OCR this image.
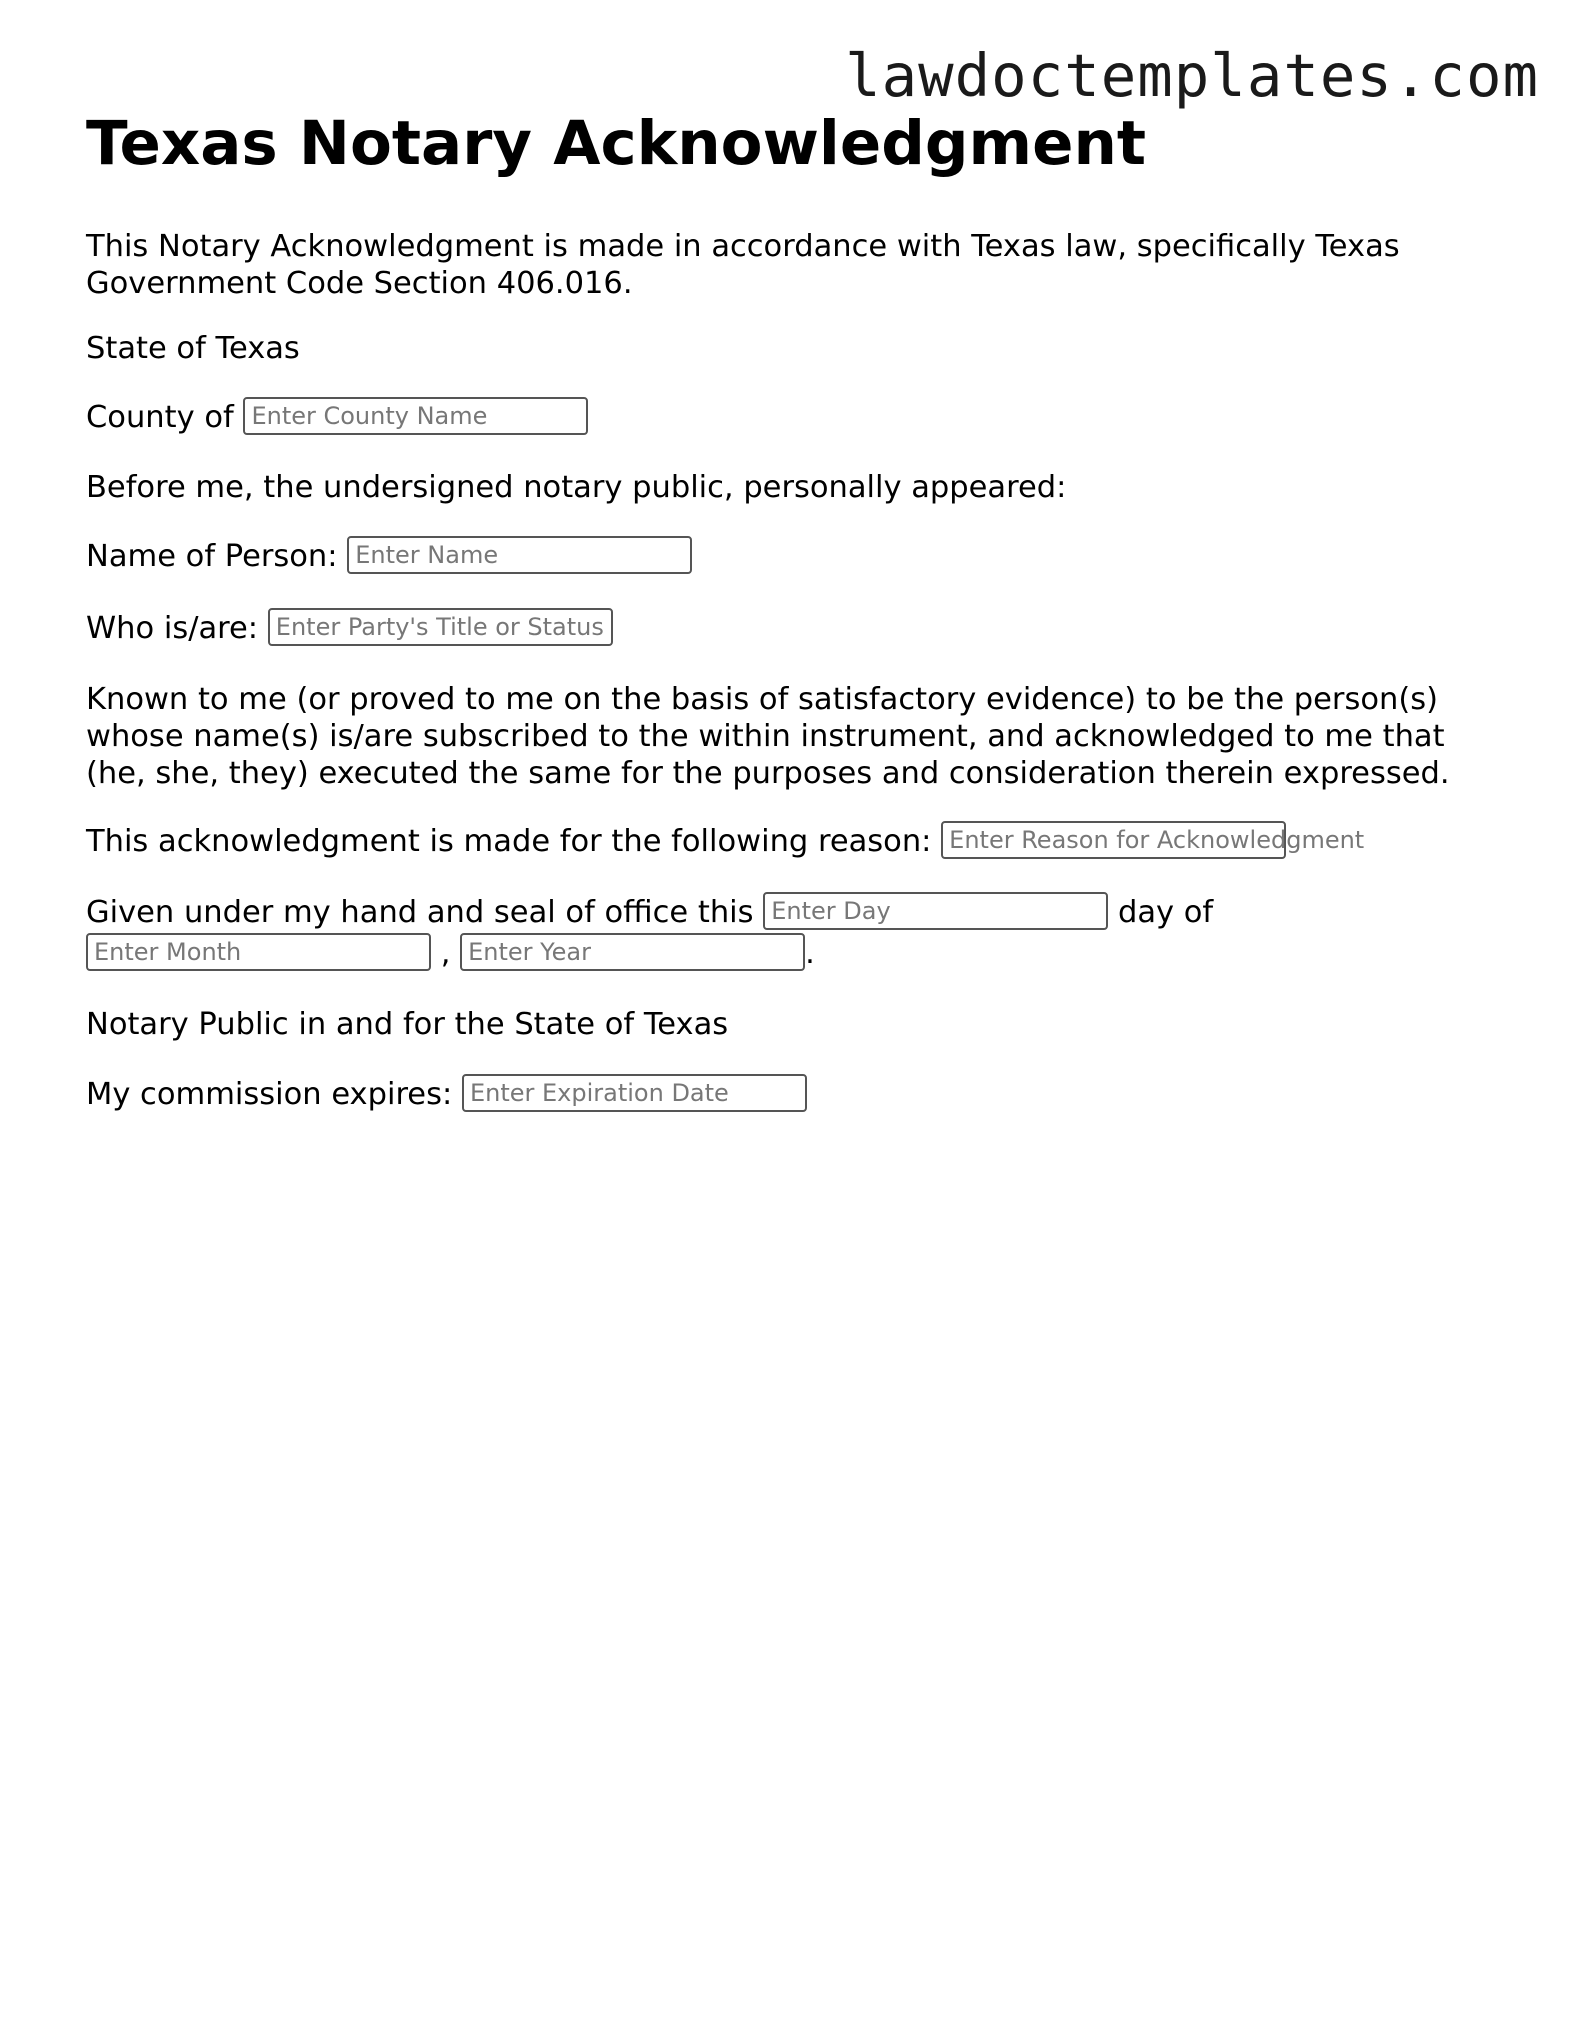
lawdoctemplates.com
Texas Notary Acknowledgment
This Notary Acknowledgment is made in accordance with Texas law, specifically Texas
Government Code Section 406.016.
State of Texas
County of Enter County Name
Before me, the undersigned notary public, personally appeared:
Name of Person: Enter Name
Who is/are: Enter Party's Title or Status
Known to me (or proved to me on the basis of satisfactory evidence) to be the person(s)
whose name(s) is/are subscribed to the within instrument, and acknowledged to me that
(he, she, they) executed the same for the purposes and consideration therein expressed.
This acknowledgment is made for the following reason: Enter Reason for Acknowledgment
Given under my hand and seal of office this Enter Day	day of
Enter Month	, Enter Year	.
Notary Public in and for the State of Texas
My commission expires: Enter Expiration Date
